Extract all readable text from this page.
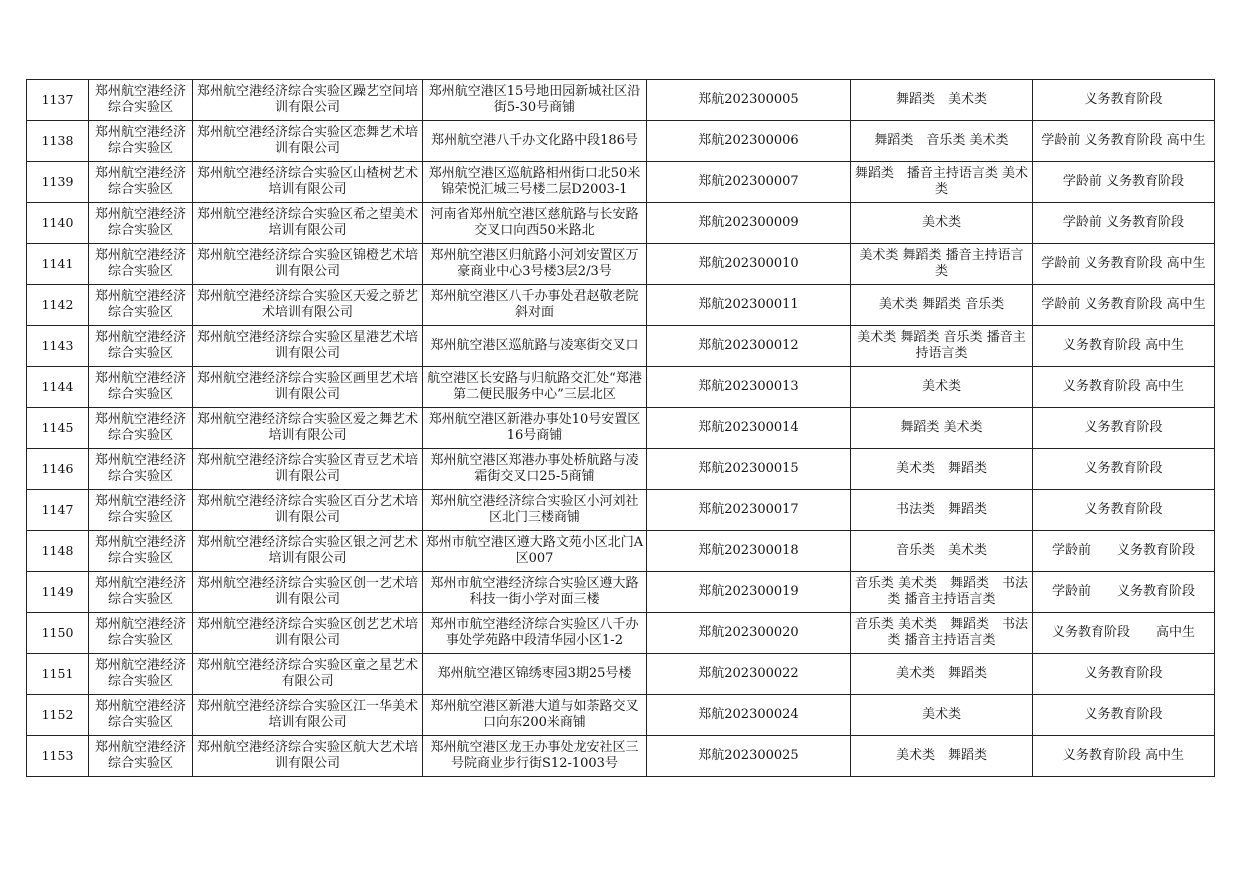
1137	郑州航空港经济综合实验区	郑州航空港经济综合实验区躁艺空间培训有限公司	郑州航空港区15号地田园新城社区沿街5-30号商铺	郑航202300005	舞蹈类　美术类	义务教育阶段
1138	郑州航空港经济综合实验区	郑州航空港经济综合实验区恋舞艺术培训有限公司	郑州航空港八千办文化路中段186号	郑航202300006	舞蹈类　音乐类 美术类	学龄前 义务教育阶段 高中生
1139	郑州航空港经济综合实验区	郑州航空港经济综合实验区山楂树艺术培训有限公司	郑州航空港区巡航路相州街口北50米锦荣悦汇城三号楼二层D2003-1	郑航202300007	舞蹈类　播音主持语言类 美术类	学龄前 义务教育阶段
1140	郑州航空港经济综合实验区	郑州航空港经济综合实验区希之望美术培训有限公司	河南省郑州航空港区慈航路与长安路交叉口向西50米路北	郑航202300009	美术类	学龄前 义务教育阶段
1141	郑州航空港经济综合实验区	郑州航空港经济综合实验区锦橙艺术培训有限公司	郑州航空港区归航路小河刘安置区万豪商业中心3号楼3层2/3号	郑航202300010	美术类 舞蹈类 播音主持语言类	学龄前 义务教育阶段 高中生
1142	郑州航空港经济综合实验区	郑州航空港经济综合实验区天爱之骄艺术培训有限公司	郑州航空港区八千办事处君赵敬老院斜对面	郑航202300011	美术类 舞蹈类 音乐类	学龄前 义务教育阶段 高中生
1143	郑州航空港经济综合实验区	郑州航空港经济综合实验区星港艺术培训有限公司	郑州航空港区巡航路与凌寒街交叉口	郑航202300012	美术类 舞蹈类 音乐类 播音主持语言类	义务教育阶段 高中生
1144	郑州航空港经济综合实验区	郑州航空港经济综合实验区画里艺术培训有限公司	航空港区长安路与归航路交汇处“郑港第二便民服务中心”三层北区	郑航202300013	美术类	义务教育阶段 高中生
1145	郑州航空港经济综合实验区	郑州航空港经济综合实验区爱之舞艺术培训有限公司	郑州航空港区新港办事处10号安置区16号商铺	郑航202300014	舞蹈类 美术类	义务教育阶段
1146	郑州航空港经济综合实验区	郑州航空港经济综合实验区青豆艺术培训有限公司	郑州航空港区郑港办事处桥航路与凌霜街交叉口25-5商铺	郑航202300015	美术类　舞蹈类	义务教育阶段
1147	郑州航空港经济综合实验区	郑州航空港经济综合实验区百分艺术培训有限公司	郑州航空港经济综合实验区小河刘社区北门三楼商铺	郑航202300017	书法类　舞蹈类	义务教育阶段
1148	郑州航空港经济综合实验区	郑州航空港经济综合实验区银之河艺术培训有限公司	郑州市航空港区遵大路文苑小区北门A区007	郑航202300018	音乐类　美术类	学龄前　　义务教育阶段
1149	郑州航空港经济综合实验区	郑州航空港经济综合实验区创一艺术培训有限公司	郑州市航空港经济综合实验区遵大路科技一街小学对面三楼	郑航202300019	音乐类 美术类　舞蹈类　书法类 播音主持语言类	学龄前　　义务教育阶段
1150	郑州航空港经济综合实验区	郑州航空港经济综合实验区创艺艺术培训有限公司	郑州市航空港经济综合实验区八千办事处学苑路中段清华园小区1-2	郑航202300020	音乐类 美术类　舞蹈类　书法类 播音主持语言类	义务教育阶段　　高中生
1151	郑州航空港经济综合实验区	郑州航空港经济综合实验区童之星艺术有限公司	郑州航空港区锦绣枣园3期25号楼	郑航202300022	美术类　舞蹈类	义务教育阶段
1152	郑州航空港经济综合实验区	郑州航空港经济综合实验区江一华美术培训有限公司	郑州航空港区新港大道与如荼路交叉口向东200米商铺	郑航202300024	美术类	义务教育阶段
1153	郑州航空港经济综合实验区	郑州航空港经济综合实验区航大艺术培训有限公司	郑州航空港区龙王办事处龙安社区三号院商业步行街S12-1003号	郑航202300025	美术类　舞蹈类	义务教育阶段 高中生
